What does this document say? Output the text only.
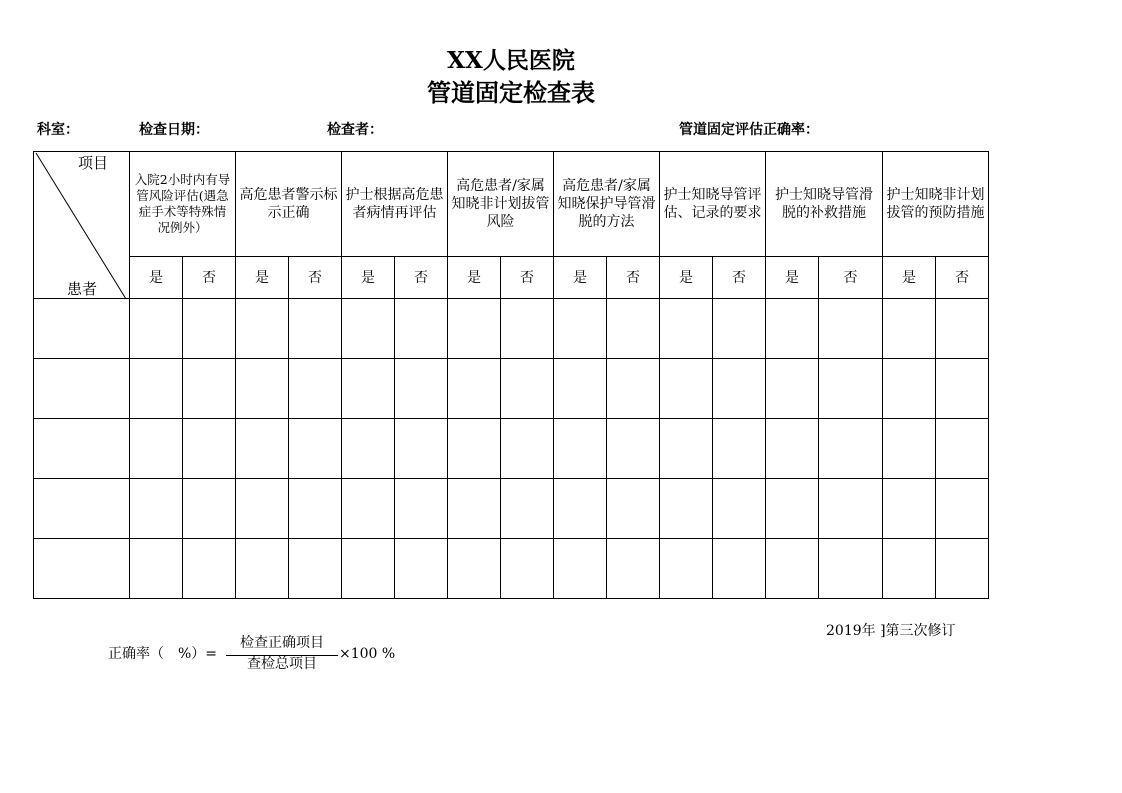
XX人民医院
管道固定检查表
科室：	检查日期：	检查者：	管道固定评估正确率：
项目
患者	入院2小时内有导管风险评估(遇急症手术等特殊情况例外）		高危患者警示标示正确		护士根据高危患者病情再评估		高危患者/家属知晓非计划拔管风险		高危患者/家属知晓保护导管滑脱的方法		护士知晓导管评估、记录的要求		护士知晓导管滑脱的补救措施		护士知晓非计划拔管的预防措施	

	是	否	是	否	是	否	是	否	是	否	是	否	是	否	是	否

2019年 ⁆第三次修订
正确率（　%）=
检查正确项目
查检总项目
×100 %
